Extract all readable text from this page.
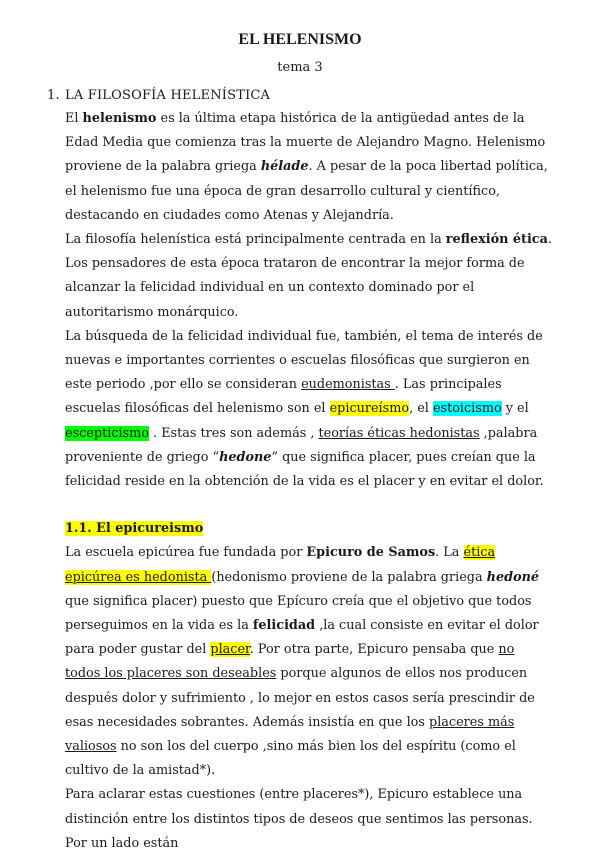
EL HELENISMO
tema 3
1. LA FILOSOFÍA HELENÍSTICA

El helenismo es la última etapa histórica de la antigüedad antes de la Edad Media que comienza tras la muerte de Alejandro Magno. Helenismo proviene de la palabra griega hélade. A pesar de la poca libertad política, el helenismo fue una época de gran desarrollo cultural y científico, destacando en ciudades como Atenas y Alejandría.

La filosofía helenística está principalmente centrada en la reflexión ética. Los pensadores de esta época trataron de encontrar la mejor forma de alcanzar la felicidad individual en un contexto dominado por el autoritarismo monárquico.

La búsqueda de la felicidad individual fue, también, el tema de interés de nuevas e importantes corrientes o escuelas filosóficas que surgieron en este periodo ,por ello se consideran eudemonistas . Las principales escuelas filosóficas del helenismo son el epicureísmo, el estoicismo y el escepticismo . Estas tres son además , teorías éticas hedonistas ,palabra proveniente de griego “hedone” que significa placer, pues creían que la felicidad reside en la obtención de la vida es el placer y en evitar el dolor.

1.1. El epicureismo

La escuela epicúrea fue fundada por Epicuro de Samos. La ética epicúrea es hedonista (hedonismo proviene de la palabra griega hedoné que significa placer) puesto que Epícuro creía que el objetivo que todos perseguimos en la vida es la felicidad ,la cual consiste en evitar el dolor para poder gustar del placer. Por otra parte, Epicuro pensaba que no todos los placeres son deseables porque algunos de ellos nos producen después dolor y sufrimiento , lo mejor en estos casos sería prescindir de esas necesidades sobrantes. Además insistía en que los placeres más valiosos no son los del cuerpo ,sino más bien los del espíritu (como el cultivo de la amistad*).

Para aclarar estas cuestiones (entre placeres*), Epicuro establece una distinción entre los distintos tipos de deseos que sentimos las personas. Por un lado están
